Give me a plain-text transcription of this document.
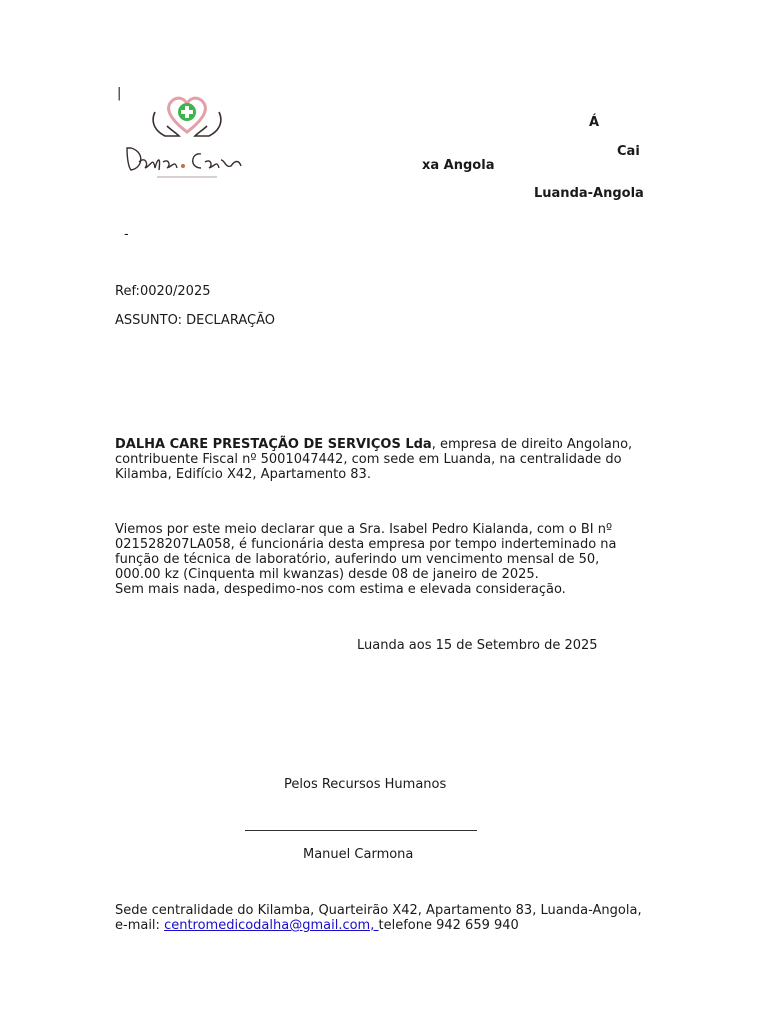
|
Á
Cai
xa Angola
Luanda-Angola
-
Ref:0020/2025
ASSUNTO: DECLARAÇÃO
DALHA CARE PRESTAÇÃO DE SERVIÇOS Lda, empresa de direito Angolano,
contribuente Fiscal nº 5001047442, com sede em Luanda, na centralidade do
Kilamba, Edifício X42, Apartamento 83.
Viemos por este meio declarar que a Sra. Isabel Pedro Kialanda, com o BI nº
021528207LA058, é funcionária desta empresa por tempo inderteminado na
função de técnica de laboratório, auferindo um vencimento mensal de 50,
000.00 kz (Cinquenta mil kwanzas) desde 08 de janeiro de 2025.
Sem mais nada, despedimo-nos com estima e elevada consideração.
Luanda aos 15 de Setembro de 2025
Pelos Recursos Humanos
Manuel Carmona
Sede centralidade do Kilamba, Quarteirão X42, Apartamento 83, Luanda-Angola,
e-mail: centromedicodalha@gmail.com, telefone 942 659 940
